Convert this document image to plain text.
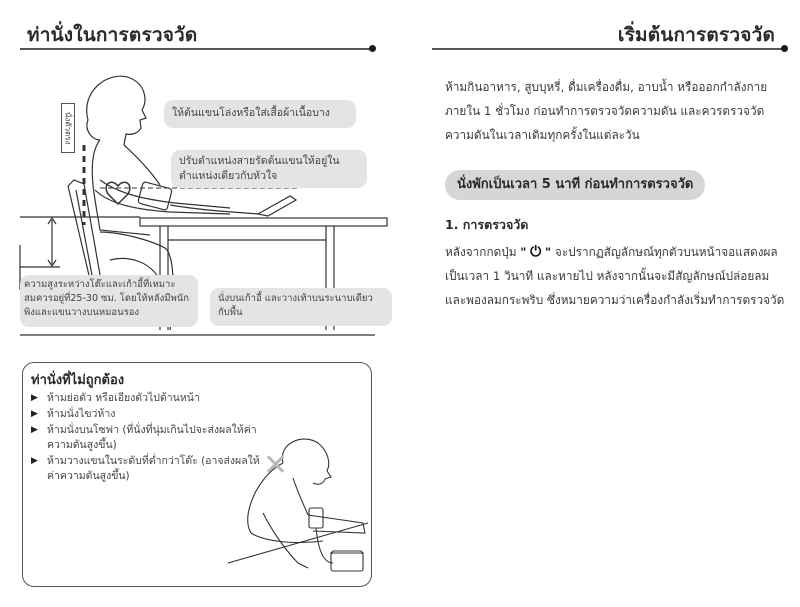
ท่านั่งในการตรวจวัด
นั่งตัวตรง	ให้ต้นแขนโล่งหรือใส่เสื้อผ้าเนื้อบาง
ปรับตำแหน่งสายรัดต้นแขนให้อยู่ใน ตำแหน่งเดียวกับหัวใจ
ความสูงระหว่างโต๊ะและเก้าอี้ที่เหมาะสมควรอยู่ที่25-30 ซม. โดยให้หลังมีพนักพิงและแขนวางบนหมอนรอง
นั่งบนเก้าอี้ และวางเท้าบนระนาบเดียวกับพื้น
ท่านั่งที่ไม่ถูกต้อง
▶ ห้ามย่อตัว หรือเอียงตัวไปด้านหน้า
▶ ห้ามนั่งไขว่ห้าง
▶ ห้ามนั่งบนโซฟา (ที่นั่งที่นุ่มเกินไปจะส่งผลให้ค่าความดันสูงขึ้น)
▶ ห้ามวางแขนในระดับที่ต่ำกว่าโต๊ะ (อาจส่งผลให้ค่าความดันสูงขึ้น)	✕
เริ่มต้นการตรวจวัด
ห้ามกินอาหาร, สูบบุหรี่, ดื่มเครื่องดื่ม, อาบน้ำ หรือออกกำลังกายภายใน 1 ชั่วโมง ก่อนทำการตรวจวัดความดัน และควรตรวจวัดความดันในเวลาเดิมทุกครั้งในแต่ละวัน
นั่งพักเป็นเวลา 5 นาที ก่อนทำการตรวจวัด
1. การตรวจวัด
หลังจากกดปุ่ม " ⏻ " จะปรากฏสัญลักษณ์ทุกตัวบนหน้าจอแสดงผลเป็นเวลา 1 วินาที และหายไป หลังจากนั้นจะมีสัญลักษณ์ปล่อยลมและพองลมกระพริบ ซึ่งหมายความว่าเครื่องกำลังเริ่มทำการตรวจวัด
